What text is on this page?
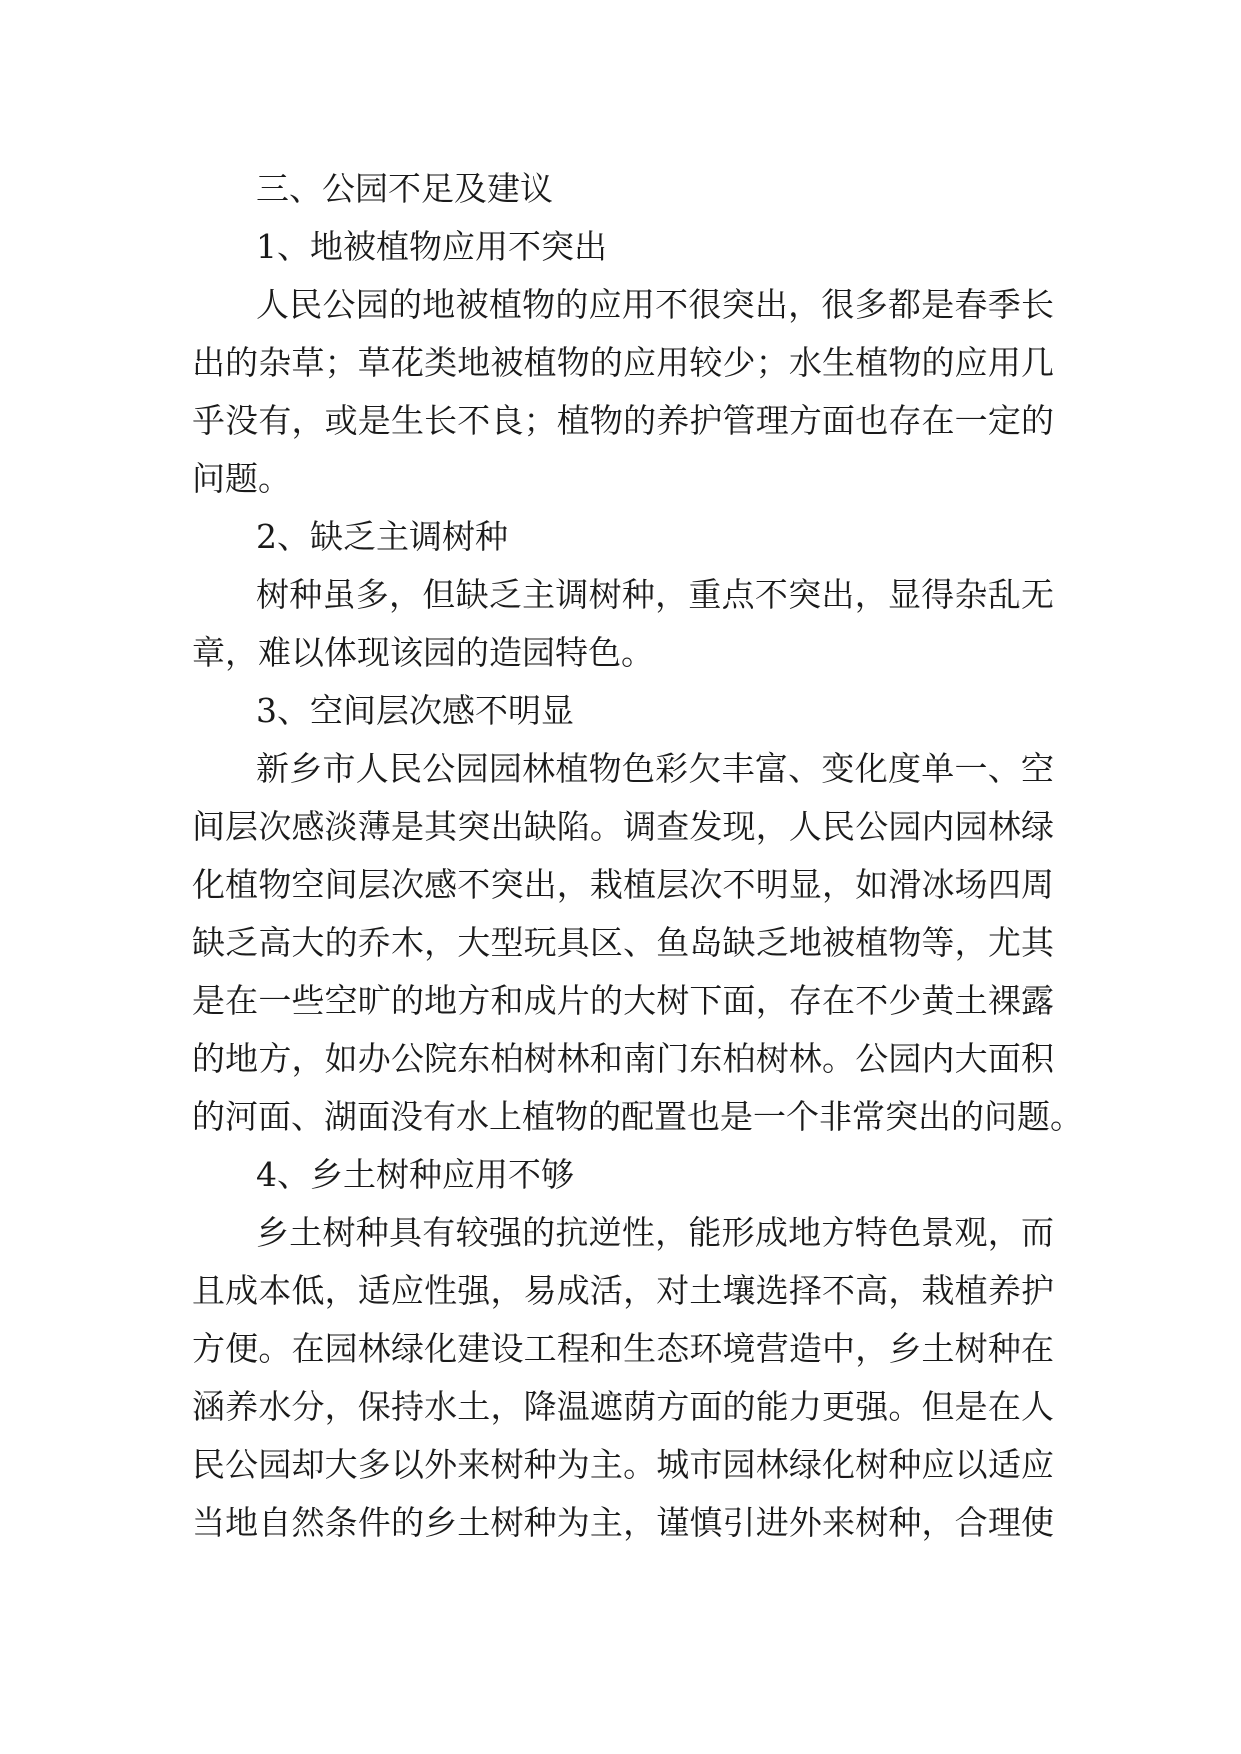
三、公园不足及建议
1、地被植物应用不突出
人民公园的地被植物的应用不很突出，很多都是春季长
出的杂草；草花类地被植物的应用较少；水生植物的应用几
乎没有，或是生长不良；植物的养护管理方面也存在一定的
问题。
2、缺乏主调树种
树种虽多，但缺乏主调树种，重点不突出，显得杂乱无
章，难以体现该园的造园特色。
3、空间层次感不明显
新乡市人民公园园林植物色彩欠丰富、变化度单一、空
间层次感淡薄是其突出缺陷。调查发现，人民公园内园林绿
化植物空间层次感不突出，栽植层次不明显，如滑冰场四周
缺乏高大的乔木，大型玩具区、鱼岛缺乏地被植物等，尤其
是在一些空旷的地方和成片的大树下面，存在不少黄土裸露
的地方，如办公院东柏树林和南门东柏树林。公园内大面积
的河面、湖面没有水上植物的配置也是一个非常突出的问题。
4、乡土树种应用不够
乡土树种具有较强的抗逆性，能形成地方特色景观，而
且成本低，适应性强，易成活，对土壤选择不高，栽植养护
方便。在园林绿化建设工程和生态环境营造中，乡土树种在
涵养水分，保持水土，降温遮荫方面的能力更强。但是在人
民公园却大多以外来树种为主。城市园林绿化树种应以适应
当地自然条件的乡土树种为主，谨慎引进外来树种，合理使
